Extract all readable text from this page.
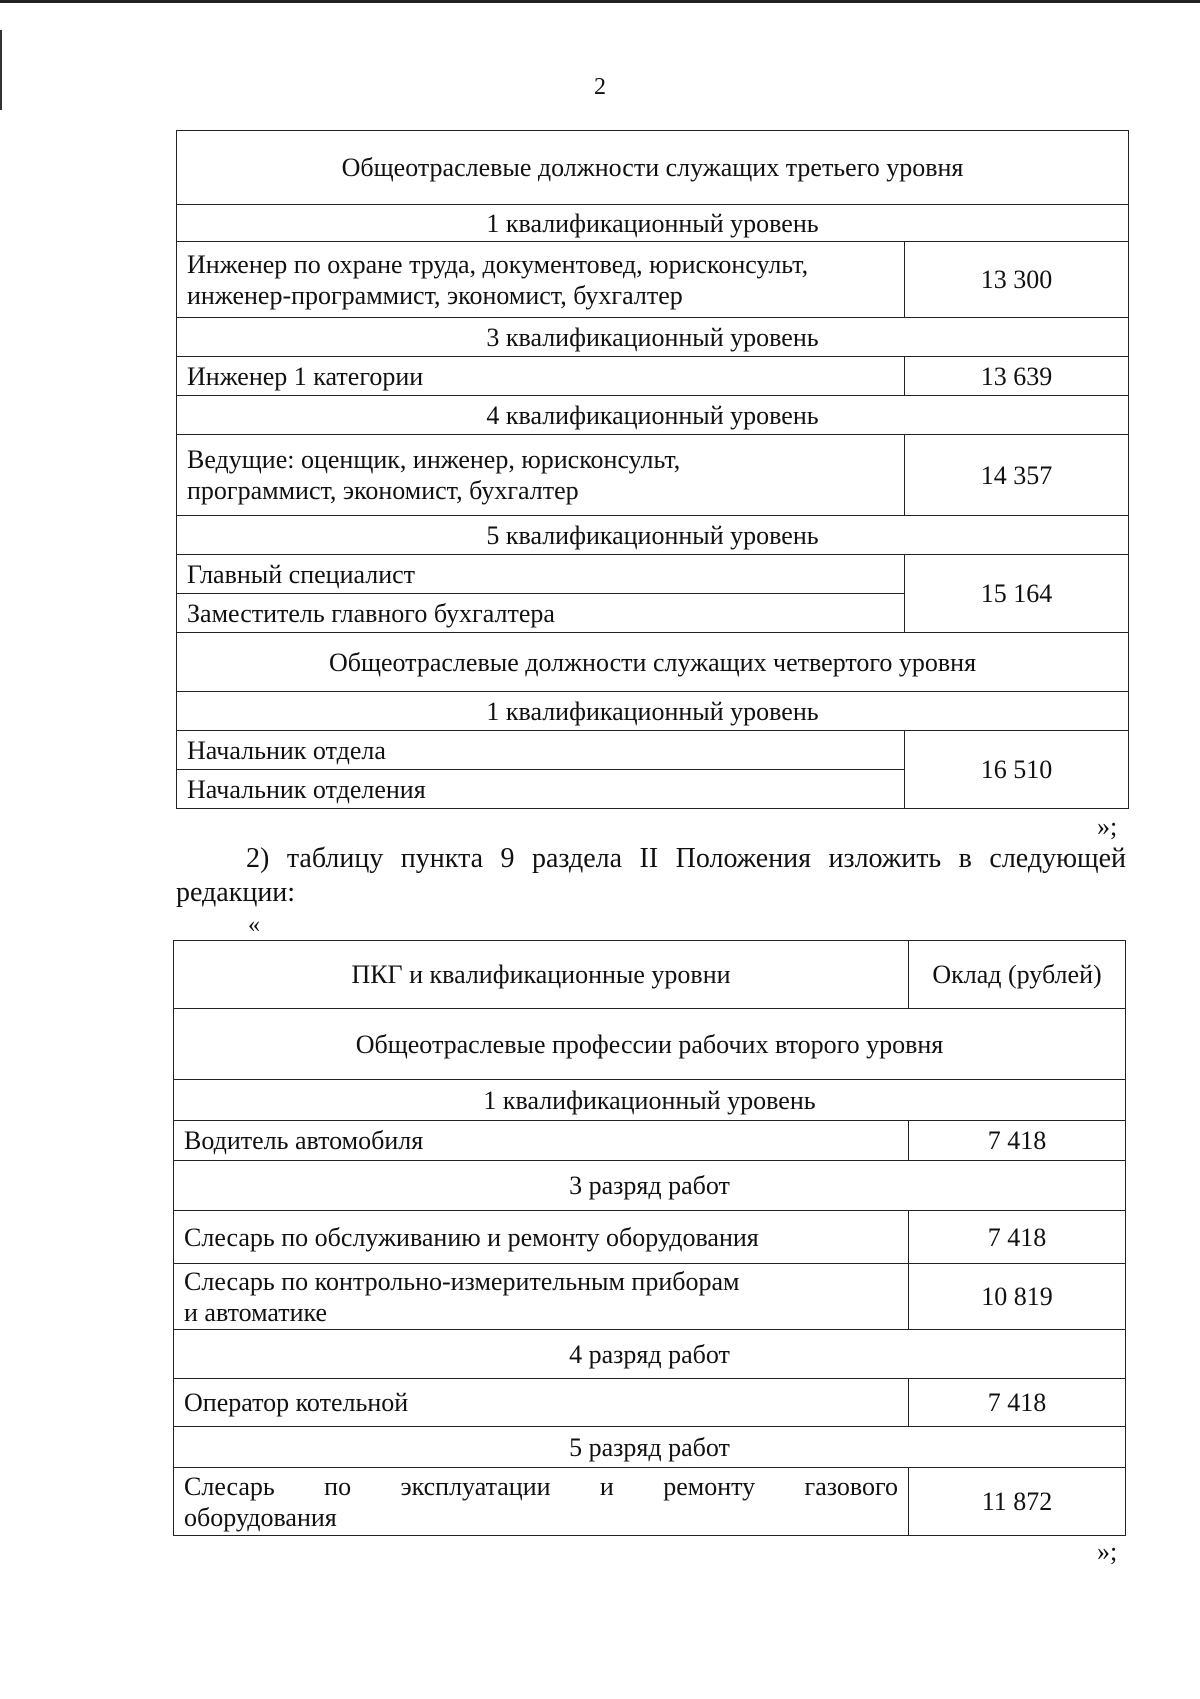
2
Общеотраслевые должности служащих третьего уровня	
1 квалификационный уровень	

Инженер по охране труда, документовед, юрисконсульт,
инженер-программист, экономист, бухгалтер	13 300
3 квалификационный уровень	

Инженер 1 категории	13 639
4 квалификационный уровень	

Ведущие: оценщик, инженер, юрисконсульт,
программист, экономист, бухгалтер	14 357
5 квалификационный уровень	
Главный специалист	15 164
Заместитель главного бухгалтера	
Общеотраслевые должности служащих четвертого уровня	
1 квалификационный уровень	
Начальник отдела	16 510
Начальник отделения	
»;
2) таблицу пункта 9 раздела II Положения изложить в следующей
редакции:
«
ПКГ и квалификационные уровни	Оклад (рублей)
Общеотраслевые профессии рабочих второго уровня	
1 квалификационный уровень	

Водитель автомобиля	7 418
3 разряд работ	

Слесарь по обслуживанию и ремонту оборудования	7 418

Слесарь по контрольно-измерительным приборам
и автоматике	10 819
4 разряд работ	

Оператор котельной	7 418
5 разряд работ	

Слесарь по эксплуатации и ремонту газового
оборудования	11 872
»;
